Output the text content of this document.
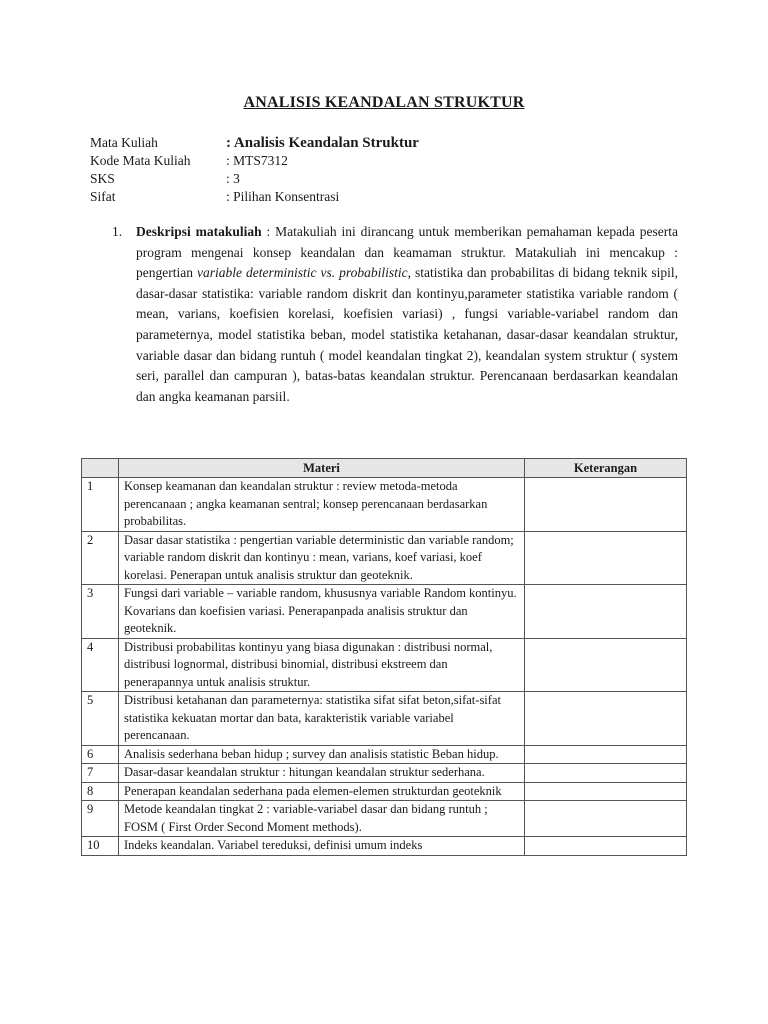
ANALISIS KEANDALAN STRUKTUR
Mata Kuliah	: Analisis Keandalan Struktur
Kode Mata Kuliah	: MTS7312
SKS	: 3
Sifat	: Pilihan Konsentrasi
1.	Deskripsi matakuliah : Matakuliah ini dirancang untuk memberikan pemahaman kepada peserta program mengenai konsep keandalan dan keamaman struktur. Matakuliah ini mencakup : pengertian variable deterministic vs. probabilistic, statistika dan probabilitas di bidang teknik sipil, dasar-dasar statistika: variable random diskrit dan kontinyu,parameter statistika variable random ( mean, varians, koefisien korelasi, koefisien variasi) , fungsi variable-variabel random dan parameternya, model statistika beban, model statistika ketahanan, dasar-dasar keandalan struktur, variable dasar dan bidang runtuh ( model keandalan tingkat 2), keandalan system struktur ( system seri, parallel dan campuran ), batas-batas keandalan struktur. Perencanaan berdasarkan keandalan dan angka keamanan parsiil.
	Materi	Keterangan
1	Konsep keamanan dan keandalan struktur : review metoda-metoda perencanaan ; angka keamanan sentral; konsep perencanaan berdasarkan probabilitas.	
2	Dasar dasar statistika : pengertian variable deterministic dan variable random; variable random diskrit dan kontinyu : mean, varians, koef variasi, koef korelasi. Penerapan untuk analisis struktur dan geoteknik.	
3	Fungsi dari variable – variable random, khususnya variable Random kontinyu. Kovarians dan koefisien variasi. Penerapanpada analisis struktur dan geoteknik.	
4	Distribusi probabilitas kontinyu yang biasa digunakan : distribusi normal, distribusi lognormal, distribusi binomial, distribusi ekstreem dan penerapannya untuk analisis struktur.	
5	Distribusi ketahanan dan parameternya: statistika sifat sifat beton,sifat-sifat statistika kekuatan mortar dan bata, karakteristik variable variabel perencanaan.	
6	Analisis sederhana beban hidup ; survey dan analisis statistic Beban hidup.	
7	Dasar-dasar keandalan struktur : hitungan keandalan struktur sederhana.	
8	Penerapan keandalan sederhana pada elemen-elemen strukturdan geoteknik	
9	Metode keandalan tingkat 2 : variable-variabel dasar dan bidang runtuh ; FOSM ( First Order Second Moment methods).	
10	Indeks keandalan. Variabel tereduksi, definisi umum indeks	
